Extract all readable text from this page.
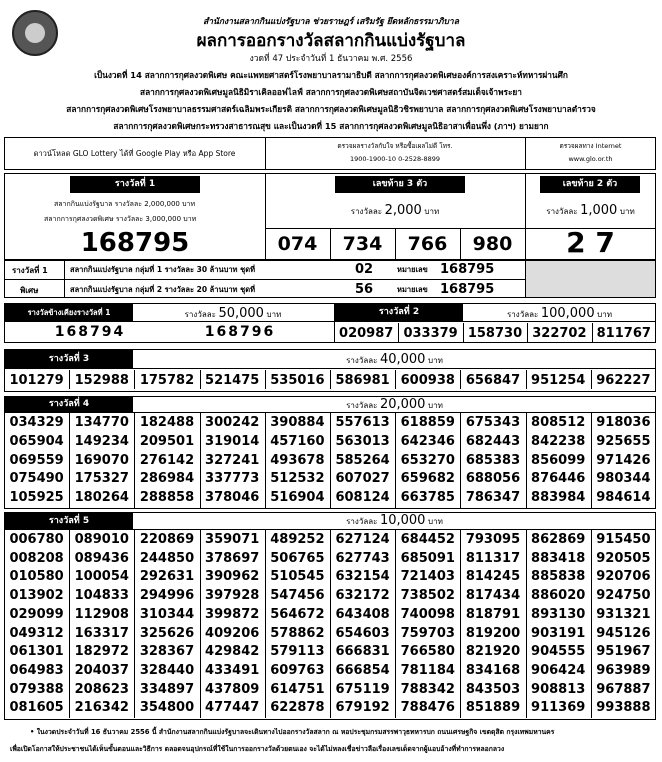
สำนักงานสลากกินแบ่งรัฐบาล ช่วยราษฎร์ เสริมรัฐ ยึดหลักธรรมาภิบาล
ผลการออกรางวัลสลากกินแบ่งรัฐบาล
งวดที่ 47 ประจำวันที่ 1 ธันวาคม พ.ศ. 2556
เป็นงวดที่ 14 สลากการกุศลงวดพิเศษ คณะแพทยศาสตร์โรงพยาบาลรามาธิบดี สลากการกุศลงวดพิเศษองค์การสงเคราะห์ทหารผ่านศึก
สลากการกุศลงวดพิเศษมูลนิธิมิราเคิลออฟไลฟ์ สลากการกุศลงวดพิเศษสถาบันจิตเวชศาสตร์สมเด็จเจ้าพระยา
สลากการกุศลงวดพิเศษโรงพยาบาลธรรมศาสตร์เฉลิมพระเกียรติ สลากการกุศลงวดพิเศษมูลนิธิวชิรพยาบาล สลากการกุศลงวดพิเศษโรงพยาบาลตำรวจ
สลากการกุศลงวดพิเศษกระทรวงสาธารณสุข และเป็นงวดที่ 15 สลากการกุศลงวดพิเศษมูลนิธิอาสาเพื่อนพึ่ง (ภาฯ) ยามยาก
ดาวน์โหลด GLO Lottery ได้ที่ Google Play หรือ App Store
ตรวจผลรางวัลกับใจ หรือซื้อเผลไม่ดี โทร.
1900-1900-10 0-2528-8899
ตรวจผลทาง Internet
www.glo.or.th
รางวัลที่ 1
สลากกินแบ่งรัฐบาล รางวัลละ 2,000,000 บาท
สลากการกุศลงวดพิเศษ รางวัลละ 3,000,000 บาท
168795
เลขท้าย 3 ตัว
รางวัลละ 2,000 บาท
074	734	766	980
เลขท้าย 2 ตัว
รางวัลละ 1,000 บาท
2 7
รางวัลที่ 1
พิเศษ
สลากกินแบ่งรัฐบาล กลุ่มที่ 1 รางวัลละ 30 ล้านบาท ชุดที่	02	หมายเลข 168795
สลากกินแบ่งรัฐบาล กลุ่มที่ 2 รางวัลละ 20 ล้านบาท ชุดที่	56	หมายเลข 168795
รางวัลข้างเคียงรางวัลที่ 1	รางวัลละ 50,000 บาท
168794	168796
รางวัลที่ 2	รางวัลละ 100,000 บาท
020987 033379 158730 322702 811767
รางวัลที่ 3	รางวัลละ 40,000 บาท
101279 152988 175782 521475 535016 586981 600938 656847 951254 962227
รางวัลที่ 4	รางวัลละ 20,000 บาท
034329 134770 182488 300242 390884 557613 618859 675343 808512 918036
065904 149234 209501 319014 457160 563013 642346 682443 842238 925655
069559 169070 276142 327241 493678 585264 653270 685383 856099 971426
075490 175327 286984 337773 512532 607027 659682 688056 876446 980344
105925 180264 288858 378046 516904 608124 663785 786347 883984 984614
รางวัลที่ 5	รางวัลละ 10,000 บาท
006780 089010 220869 359071 489252 627124 684452 793095 862869 915450
008208 089436 244850 378697 506765 627743 685091 811317 883418 920505
010580 100054 292631 390962 510545 632154 721403 814245 885838 920706
013902 104833 294996 397928 547456 632172 738502 817434 886020 924750
029099 112908 310344 399872 564672 643408 740098 818791 893130 931321
049312 163317 325626 409206 578862 654603 759703 819200 903191 945126
061301 182972 328367 429842 579113 666831 766580 821920 904555 951967
064983 204037 328440 433491 609763 666854 781184 834168 906424 963989
079388 208623 334897 437809 614751 675119 788342 843503 908813 967887
081605 216342 354800 477447 622878 679192 788476 851889 911369 993888
• ในงวดประจำวันที่ 16 ธันวาคม 2556 นี้ สำนักงานสลากกินแบ่งรัฐบาลจะเดินทางไปออกรางวัลสลาก ณ หอประชุมกรมสรรพาวุธทหารบก ถนนเศรษฐกิจ เขตดุสิต กรุงเทพมหานคร
เพื่อเปิดโอกาสให้ประชาชนได้เห็นขั้นตอนและวิธีการ ตลอดจนอุปกรณ์ที่ใช้ในการออกรางวัลด้วยตนเอง จะได้ไม่หลงเชื่อข่าวลือเรื่องเลขเด็ดจากผู้แอบอ้างที่ทำการหลอกลวง
